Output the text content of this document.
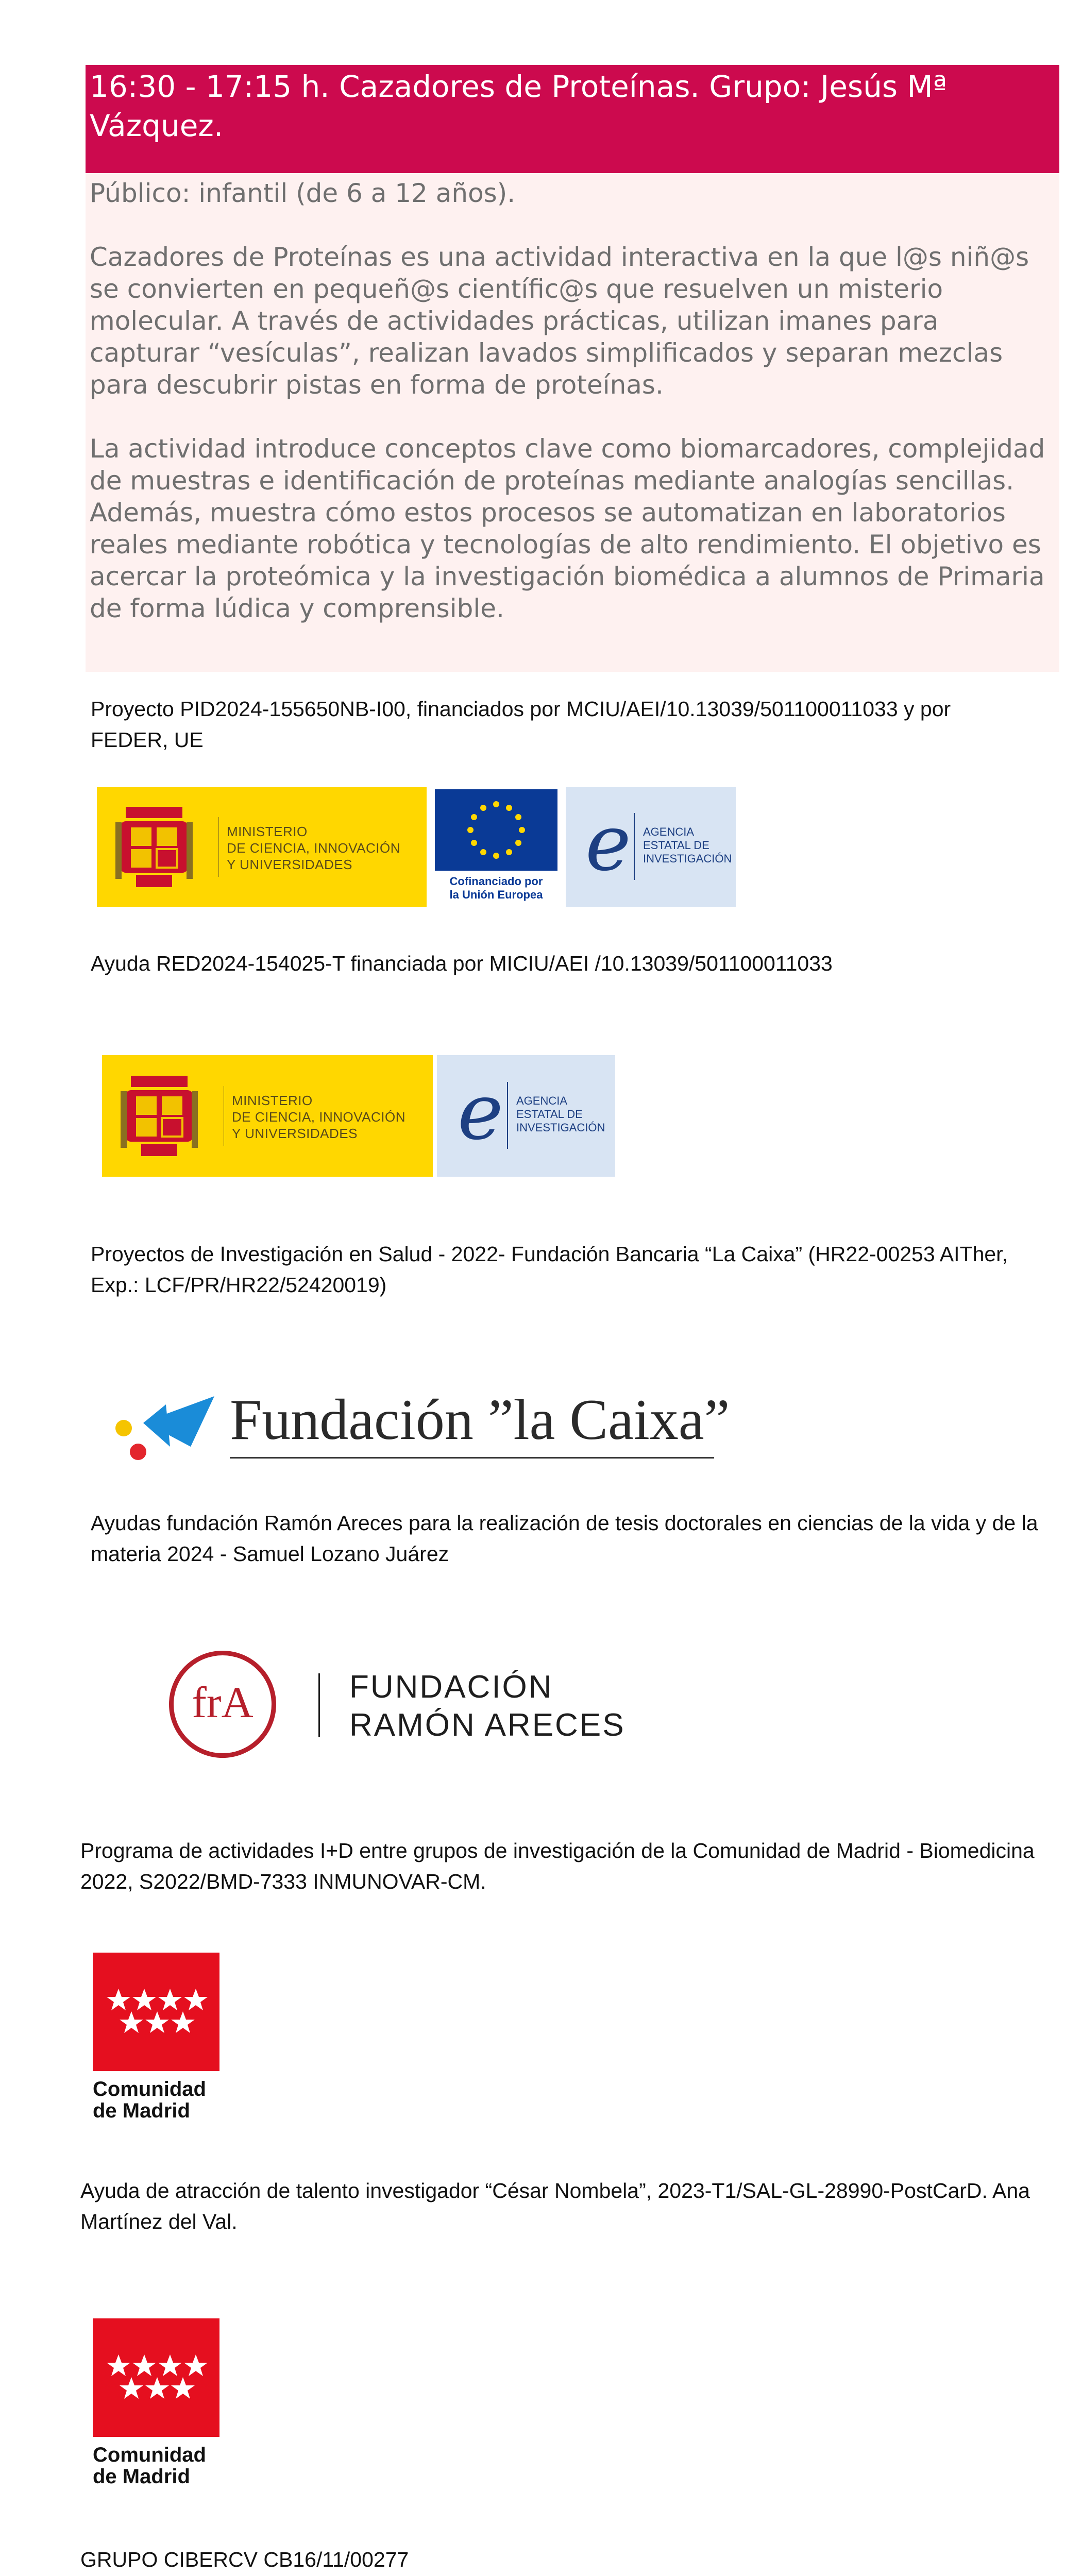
16:30 - 17:15 h. Cazadores de Proteínas. Grupo: Jesús Mª Vázquez.

Público: infantil (de 6 a 12 años).

Cazadores de Proteínas es una actividad interactiva en la que l@s niñ@s se convierten en pequeñ@s científic@s que resuelven un misterio molecular. A través de actividades prácticas, utilizan imanes para capturar “vesículas”, realizan lavados simplificados y separan mezclas para descubrir pistas en forma de proteínas.

La actividad introduce conceptos clave como biomarcadores, complejidad de muestras e identificación de proteínas mediante analogías sencillas. Además, muestra cómo estos procesos se automatizan en laboratorios reales mediante robótica y tecnologías de alto rendimiento. El objetivo es acercar la proteómica y la investigación biomédica a alumnos de Primaria de forma lúdica y comprensible.

Proyecto PID2024-155650NB-I00, financiados por MCIU/AEI/10.13039/501100011033 y por FEDER, UE

MINISTERIO
DE CIENCIA, INNOVACIÓN
Y UNIVERSIDADES
Cofinanciado por
la Unión Europea
e AGENCIA
ESTATAL DE
INVESTIGACIÓN

Ayuda RED2024-154025-T financiada por MICIU/AEI /10.13039/501100011033

MINISTERIO
DE CIENCIA, INNOVACIÓN
Y UNIVERSIDADES	e AGENCIA
ESTATAL DE
INVESTIGACIÓN

Proyectos de Investigación en Salud - 2022- Fundación Bancaria “La Caixa” (HR22-00253 AITher, Exp.: LCF/PR/HR22/52420019)

Fundación ”la Caixa”

Ayudas fundación Ramón Areces para la realización de tesis doctorales en ciencias de la vida y de la materia 2024 - Samuel Lozano Juárez

frA	FUNDACIÓN
RAMÓN ARECES

Programa de actividades I+D entre grupos de investigación de la Comunidad de Madrid - Biomedicina 2022, S2022/BMD-7333 INMUNOVAR-CM.

Comunidad
de Madrid

Ayuda de atracción de talento investigador “César Nombela”, 2023-T1/SAL-GL-28990-PostCarD. Ana Martínez del Val.

Comunidad
de Madrid

GRUPO CIBERCV CB16/11/00277
